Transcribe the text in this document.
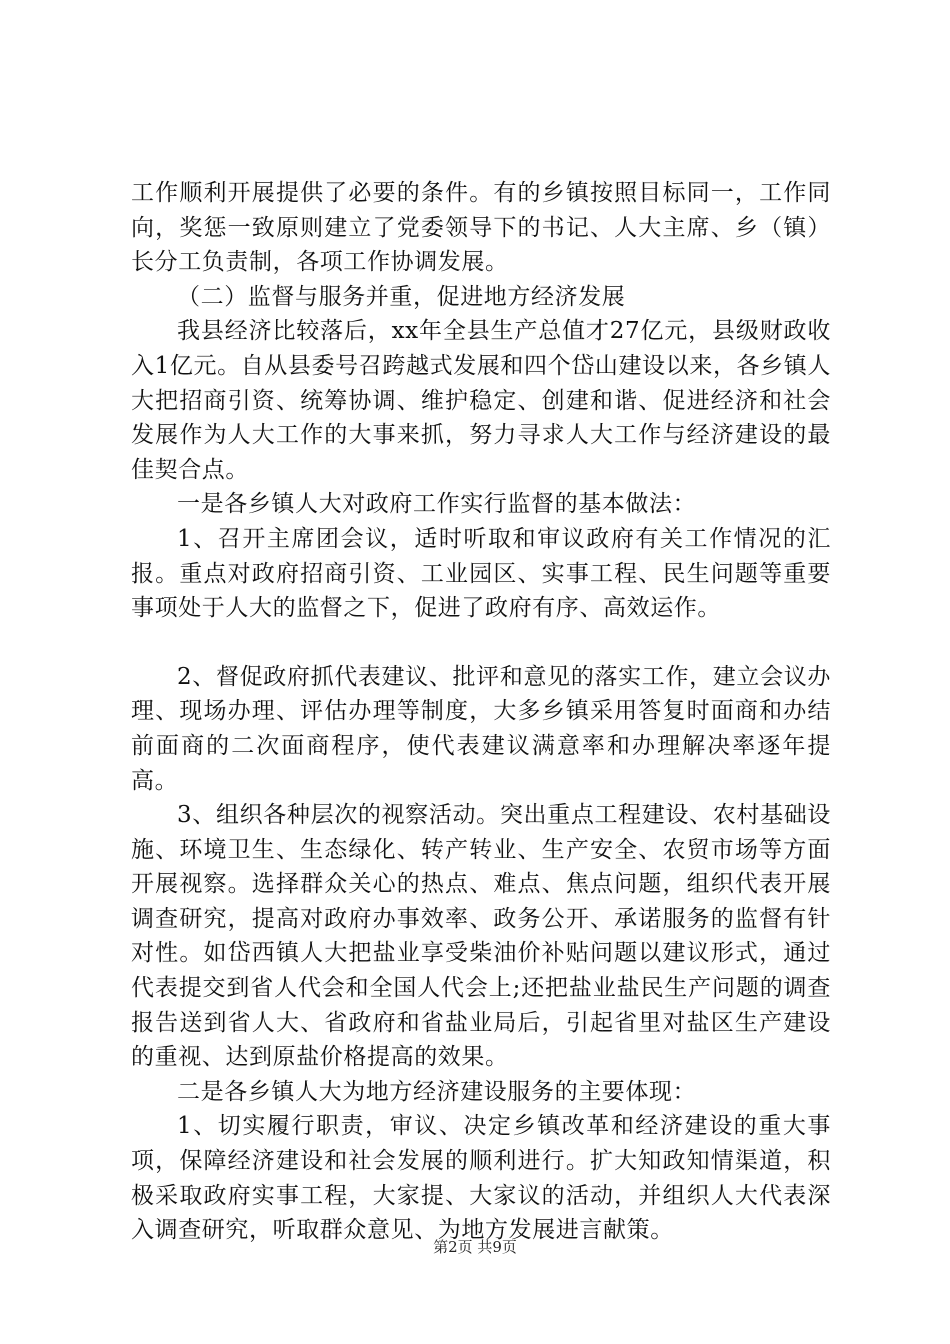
工作顺利开展提供了必要的条件。有的乡镇按照目标同一，工作同向，奖惩一致原则建立了党委领导下的书记、人大主席、乡（镇）长分工负责制，各项工作协调发展。

（二）监督与服务并重，促进地方经济发展

我县经济比较落后，xx年全县生产总值才27亿元，县级财政收入1亿元。自从县委号召跨越式发展和四个岱山建设以来，各乡镇人大把招商引资、统筹协调、维护稳定、创建和谐、促进经济和社会发展作为人大工作的大事来抓，努力寻求人大工作与经济建设的最佳契合点。

一是各乡镇人大对政府工作实行监督的基本做法：

1、召开主席团会议，适时听取和审议政府有关工作情况的汇报。重点对政府招商引资、工业园区、实事工程、民生问题等重要事项处于人大的监督之下，促进了政府有序、高效运作。

2、督促政府抓代表建议、批评和意见的落实工作，建立会议办理、现场办理、评估办理等制度，大多乡镇采用答复时面商和办结前面商的二次面商程序，使代表建议满意率和办理解决率逐年提高。

3、组织各种层次的视察活动。突出重点工程建设、农村基础设施、环境卫生、生态绿化、转产转业、生产安全、农贸市场等方面开展视察。选择群众关心的热点、难点、焦点问题，组织代表开展调查研究，提高对政府办事效率、政务公开、承诺服务的监督有针对性。如岱西镇人大把盐业享受柴油价补贴问题以建议形式，通过代表提交到省人代会和全国人代会上;还把盐业盐民生产问题的调查报告送到省人大、省政府和省盐业局后，引起省里对盐区生产建设的重视、达到原盐价格提高的效果。

二是各乡镇人大为地方经济建设服务的主要体现：

1、切实履行职责，审议、决定乡镇改革和经济建设的重大事项，保障经济建设和社会发展的顺利进行。扩大知政知情渠道，积极采取政府实事工程，大家提、大家议的活动，并组织人大代表深入调查研究，听取群众意见、为地方发展进言献策。

第2页 共9页
